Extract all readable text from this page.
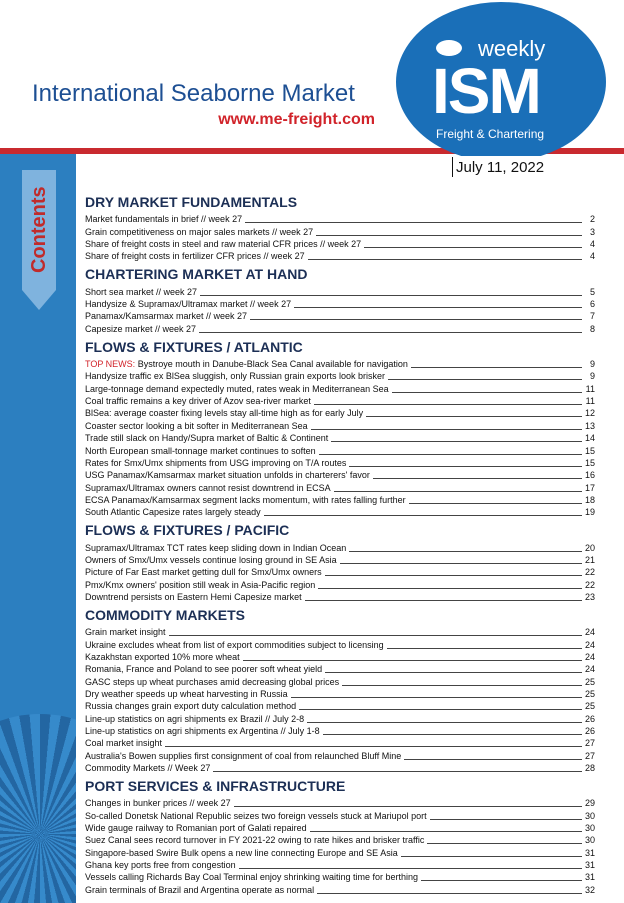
International Seaborne Market
www.me-freight.com
weekly
ISM
Freight & Chartering
July 11, 2022
Contents	DRY MARKET FUNDAMENTALS
Market fundamentals in brief // week 27	2
Grain competitiveness on major sales markets // week 27	3
Share of freight costs in steel and raw material CFR prices // week 27	4
Share of freight costs in fertilizer CFR prices // week 27	4
CHARTERING MARKET AT HAND
Short sea market // week 27	5
Handysize & Supramax/Ultramax market // week 27	6
Panamax/Kamsarmax market // week 27	7
Capesize market // week 27	8
FLOWS & FIXTURES / ATLANTIC
TOP NEWS: Bystroye mouth in Danube-Black Sea Canal available for navigation	9
Handysize traffic ex BlSea sluggish, only Russian grain exports look brisker	9
Large-tonnage demand expectedly muted, rates weak in Mediterranean Sea	11
Coal traffic remains a key driver of Azov sea-river market	11
BlSea: average coaster fixing levels stay all-time high as for early July	12
Coaster sector looking a bit softer in Mediterranean Sea	13
Trade still slack on Handy/Supra market of Baltic & Continent	14
North European small-tonnage market continues to soften	15
Rates for Smx/Umx shipments from USG improving on T/A routes	15
USG Panamax/Kamsarmax market situation unfolds in charterers' favor	16
Supramax/Ultramax owners cannot resist downtrend in ECSA	17
ECSA Panamax/Kamsarmax segment lacks momentum, with rates falling further	18
South Atlantic Capesize rates largely steady	19
FLOWS & FIXTURES / PACIFIC
Supramax/Ultramax TCT rates keep sliding down in Indian Ocean	20
Owners of Smx/Umx vessels continue losing ground in SE Asia	21
Picture of Far East market getting dull for Smx/Umx owners	22
Pmx/Kmx owners' position still weak in Asia-Pacific region	22
Downtrend persists on Eastern Hemi Capesize market	23
COMMODITY MARKETS
Grain market insight	24
Ukraine excludes wheat from list of export commodities subject to licensing	24
Kazakhstan exported 10% more wheat	24
Romania, France and Poland to see poorer soft wheat yield	24
GASC steps up wheat purchases amid decreasing global prices	25
Dry weather speeds up wheat harvesting in Russia	25
Russia changes grain export duty calculation method	25
Line-up statistics on agri shipments ex Brazil // July 2-8	26
Line-up statistics on agri shipments ex Argentina // July 1-8	26
Coal market insight	27
Australia's Bowen supplies first consignment of coal from relaunched Bluff Mine	27
Commodity Markets // Week 27	28
PORT SERVICES & INFRASTRUCTURE
Changes in bunker prices // week 27	29
So-called Donetsk National Republic seizes two foreign vessels stuck at Mariupol port	30
Wide gauge railway to Romanian port of Galati repaired	30
Suez Canal sees record turnover in FY 2021-22 owing to rate hikes and brisker traffic	30
Singapore-based Swire Bulk opens a new line connecting Europe and SE Asia	31
Ghana key ports free from congestion	31
Vessels calling Richards Bay Coal Terminal enjoy shrinking waiting time for berthing	31
Grain terminals of Brazil and Argentina operate as normal	32
